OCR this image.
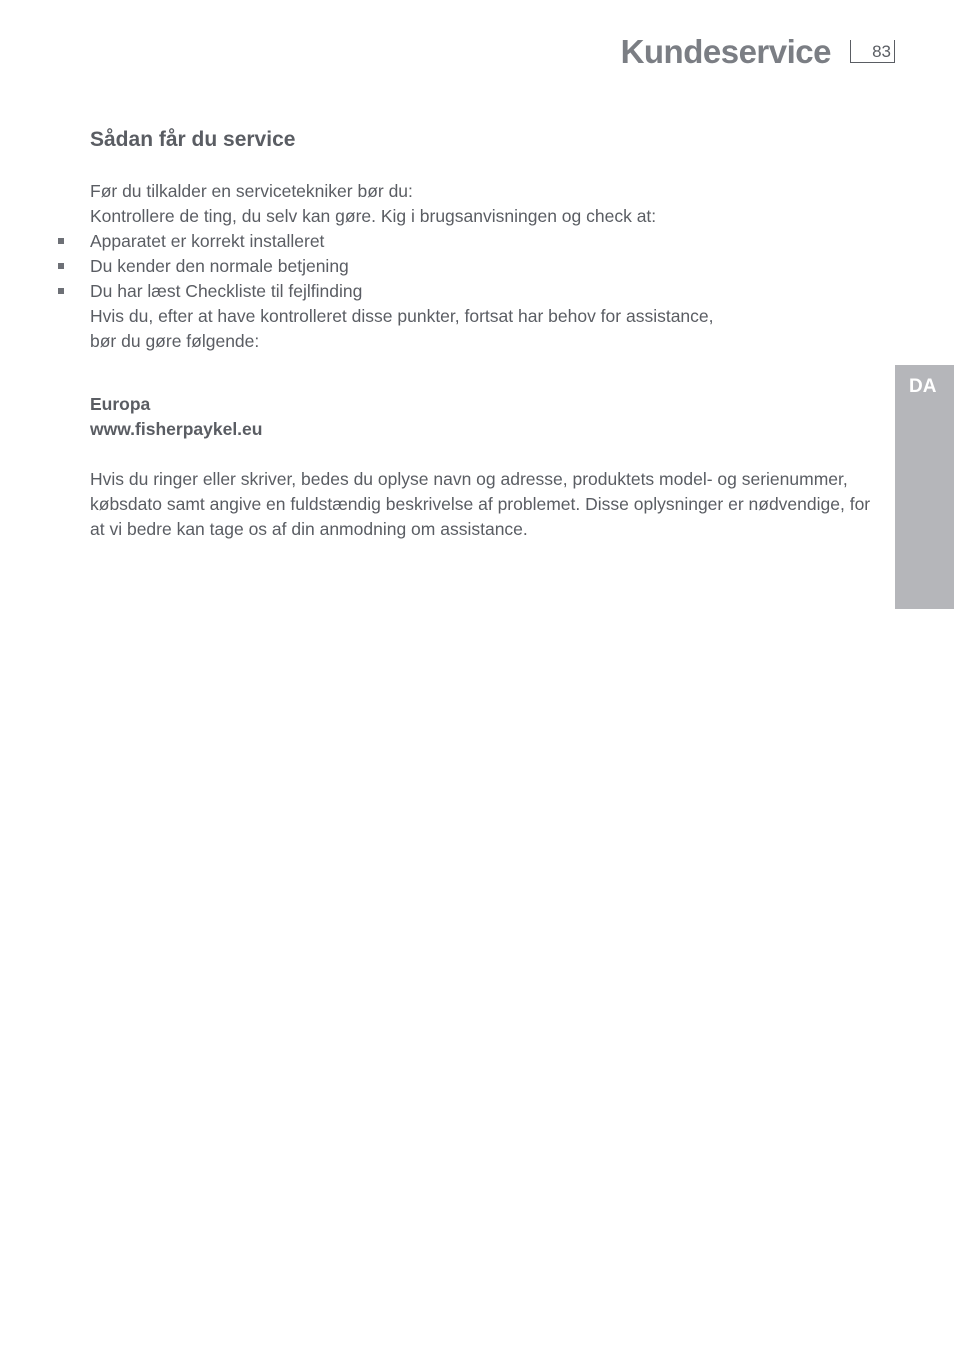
Kundeservice 83
DA
Sådan får du service

Før du tilkalder en servicetekniker bør du:

Kontrollere de ting, du selv kan gøre. Kig i brugsanvisningen og check at:

Apparatet er korrekt installeret
Du kender den normale betjening
Du har læst Checkliste til fejlfinding

Hvis du, efter at have kontrolleret disse punkter, fortsat har behov for assistance,

bør du gøre følgende:

Europa

www.fisherpaykel.eu

Hvis du ringer eller skriver, bedes du oplyse navn og adresse, produktets model- og serienummer,
købsdato samt angive en fuldstændig beskrivelse af problemet. Disse oplysninger er nødvendige, for
at vi bedre kan tage os af din anmodning om assistance.
